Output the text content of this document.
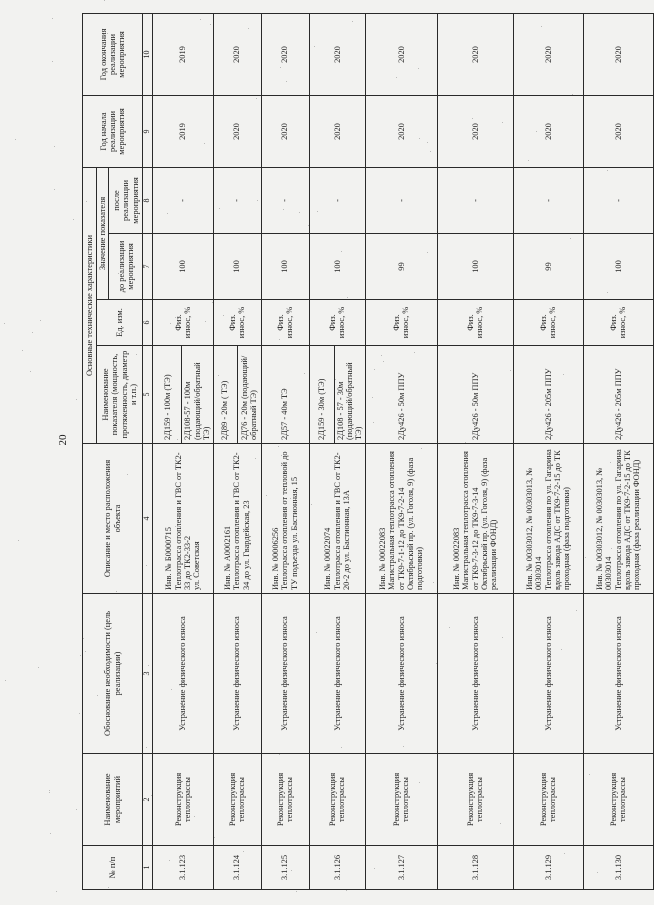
20
№ п/п	Наименование мероприятий	Обоснование необходимости (цель реализации)	Описание и место расположения объекта	Основные технические характеристики				Год начала реализации мероприятия	Год окончания реализации мероприятия
				Наименование показателя (мощность, протяженность, диаметр и т.п.)	Ед. изм.	Значение показателя			
						до реализации мероприятия	после реализации мероприятия		
1	2	3	4	5	6	7	8	9	10
3.1.123	Реконструкция теплотрассы	Устранение физического износа	Инв. № Б0000715 Теплотрасса отопления и ГВС от ТК2-33 до ТК2-33-2 ул. Советская	2Д159 - 100м (ТЭ)	Физ. износ, %	100	-	2019	2019
				2Д108-57 - 100м (подающий/обратный ТЭ)					
3.1.124	Реконструкция теплотрассы	Устранение физического износа	Инв. № А0002161 Теплотрасса отопления и ГВС от ТК2-34 до ул. Гвардейская, 23	2Д89 - 20м ( ТЭ)	Физ. износ, %	100	-	2020	2020
				2Д76 - 20м (подающий/обратный ТЭ)					
3.1.125	Реконструкция теплотрассы	Устранение физического износа	Инв. № 00006256 Теплотрасса отопления от тепловой до ТУ подъезда ул. Бастионная, 15	2Д57 - 40м ТЭ	Физ. износ, %	100	-	2020	2020
3.1.126	Реконструкция теплотрассы	Устранение физического износа	Инв. № 00022074 Теплотрасса отопления и ГВС от ТК2-20-2 до ул. Бастионная, 13А	2Д159 - 30м (ТЭ)	Физ. износ, %	100	-	2020	2020
				2Д108 - 57 - 30м (подающий/обратный ТЭ)					
3.1.127	Реконструкция теплотрассы	Устранение физического износа	Инв. № 00022083 Магистральная теплотрасса отопления от ТК9-7-1-12 до ТК9-7-2-14 Октябрьский пр. (ул. Гоголя, 9) (фаза подготовки)	2Ду426 - 50м ППУ	Физ. износ, %	99	-	2020	2020
3.1.128	Реконструкция теплотрассы	Устранение физического износа	Инв. № 00022083 Магистральная теплотрасса отопления от ТК9-7-3-12 до ТК9-7-3-14 Октябрьский пр. (ул. Гоголя, 9) (фаза реализации ФОНД)	2Ду426 - 50м ППУ	Физ. износ, %	100	-	2020	2020
3.1.129	Реконструкция теплотрассы	Устранение физического износа	Инв. № 00303012, № 00303013, № 00303014 Теплотрасса отопления по ул. Гагарина вдоль завода АДС от ТК9-7-2-15 до ТК проходная (фаза подготовки)	2Ду426 - 205м ППУ	Физ. износ, %	99	-	2020	2020
3.1.130	Реконструкция теплотрассы	Устранение физического износа	Инв. № 00303012, № 00303013, № 00303014 Теплотрасса отопления по ул. Гагарина вдоль завода АДС от ТК9-7-2-15 до ТК проходная (фаза реализации ФОНД)	2Ду426 - 205м ППУ	Физ. износ, %	100	-	2020	2020
